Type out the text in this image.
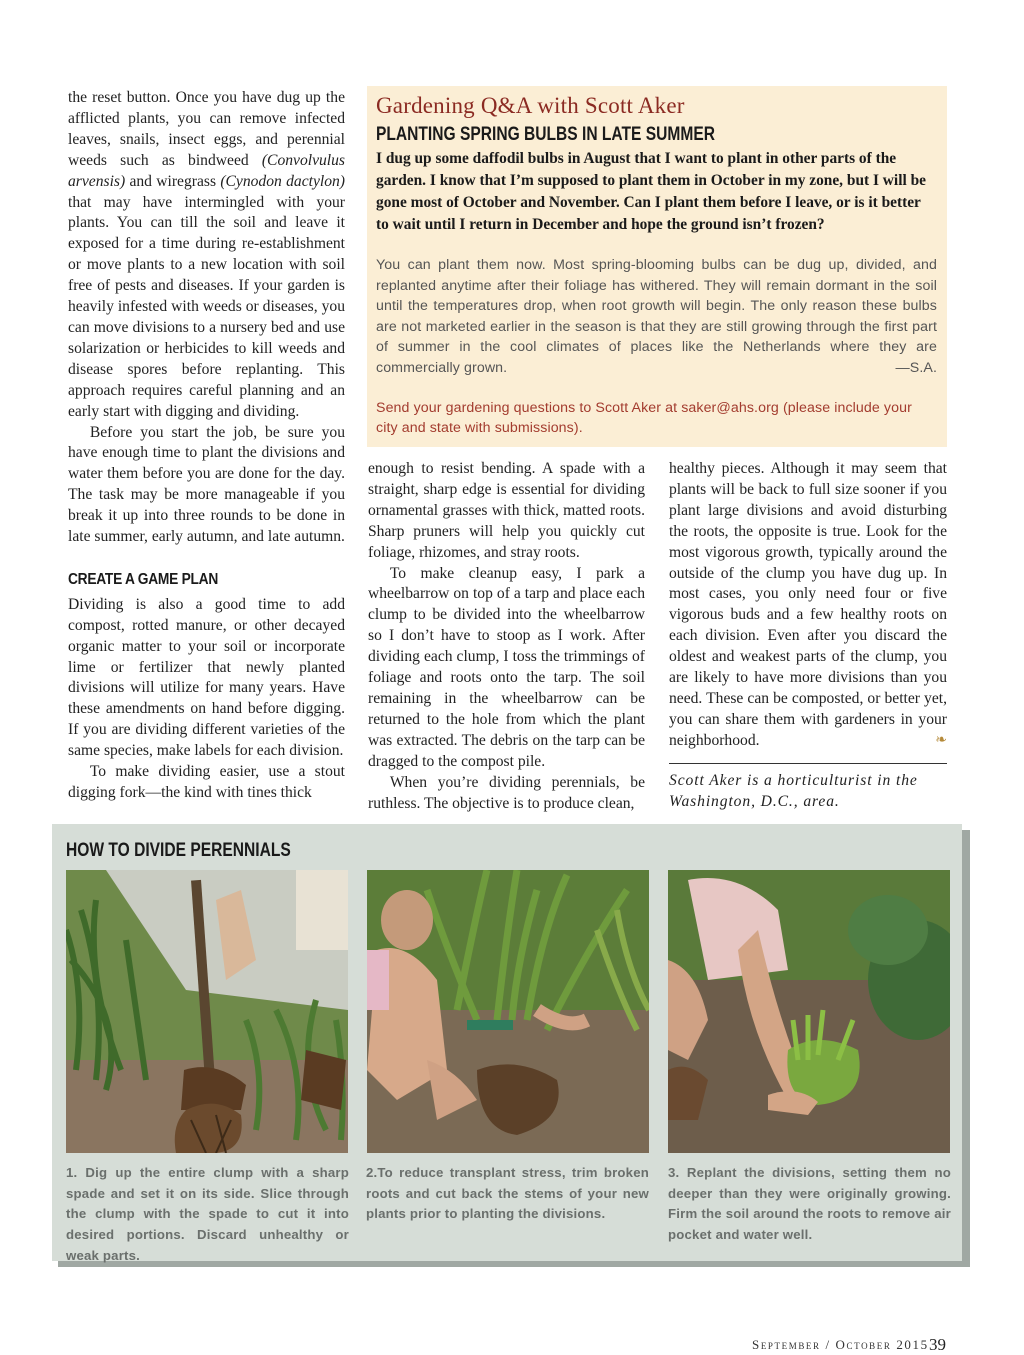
the reset button. Once you have dug up the afflicted plants, you can remove infected leaves, snails, insect eggs, and perennial weeds such as bindweed (Convolvulus arvensis) and wiregrass (Cynodon dactylon) that may have intermingled with your plants. You can till the soil and leave it exposed for a time during re-establishment or move plants to a new location with soil free of pests and diseases. If your garden is heavily infested with weeds or diseases, you can move divisions to a nursery bed and use solarization or herbicides to kill weeds and disease spores before replanting. This approach requires careful planning and an early start with digging and dividing.

Before you start the job, be sure you have enough time to plant the divisions and water them before you are done for the day. The task may be more manageable if you break it up into three rounds to be done in late summer, early autumn, and late autumn.

CREATE A GAME PLAN

Dividing is also a good time to add compost, rotted manure, or other decayed organic matter to your soil or incorporate lime or fertilizer that newly planted divisions will utilize for many years. Have these amendments on hand before digging. If you are dividing different varieties of the same species, make labels for each division.

To make dividing easier, use a stout digging fork—the kind with tines thick

Gardening Q&A with Scott Aker
PLANTING SPRING BULBS IN LATE SUMMER

I dug up some daffodil bulbs in August that I want to plant in other parts of the garden. I know that I’m supposed to plant them in October in my zone, but I will be gone most of October and November. Can I plant them before I leave, or is it better to wait until I return in December and hope the ground isn’t frozen?

You can plant them now. Most spring-blooming bulbs can be dug up, divided, and replanted anytime after their foliage has withered. They will remain dormant in the soil until the temperatures drop, when root growth will begin. The only reason these bulbs are not marketed earlier in the season is that they are still growing through the first part of summer in the cool climates of places like the Netherlands where they are commercially grown.	—S.A.

Send your gardening questions to Scott Aker at saker@ahs.org (please include your city and state with submissions).

enough to resist bending. A spade with a straight, sharp edge is essential for dividing ornamental grasses with thick, matted roots. Sharp pruners will help you quickly cut foliage, rhizomes, and stray roots.

To make cleanup easy, I park a wheelbarrow on top of a tarp and place each clump to be divided into the wheelbarrow so I don’t have to stoop as I work. After dividing each clump, I toss the trimmings of foliage and roots onto the tarp. The soil remaining in the wheelbarrow can be returned to the hole from which the plant was extracted. The debris on the tarp can be dragged to the compost pile.

When you’re dividing perennials, be ruthless. The objective is to produce clean,

healthy pieces. Although it may seem that plants will be back to full size sooner if you plant large divisions and avoid disturbing the roots, the opposite is true. Look for the most vigorous growth, typically around the outside of the clump you have dug up. In most cases, you only need four or five vigorous buds and a few healthy roots on each division. Even after you discard the oldest and weakest parts of the clump, you are likely to have more divisions than you need. These can be composted, or better yet, you can share them with gardeners in your neighborhood.	❧

Scott Aker is a horticulturist in the Washington, D.C., area.
HOW TO DIVIDE PERENNIALS
1. Dig up the entire clump with a sharp spade and set it on its side. Slice through the clump with the spade to cut it into desired portions. Discard unhealthy or weak parts.
2.To reduce transplant stress, trim broken roots and cut back the stems of your new plants prior to planting the divisions.
3. Replant the divisions, setting them no deeper than they were originally growing. Firm the soil around the roots to remove air pocket and water well.
September / October 2015 39
